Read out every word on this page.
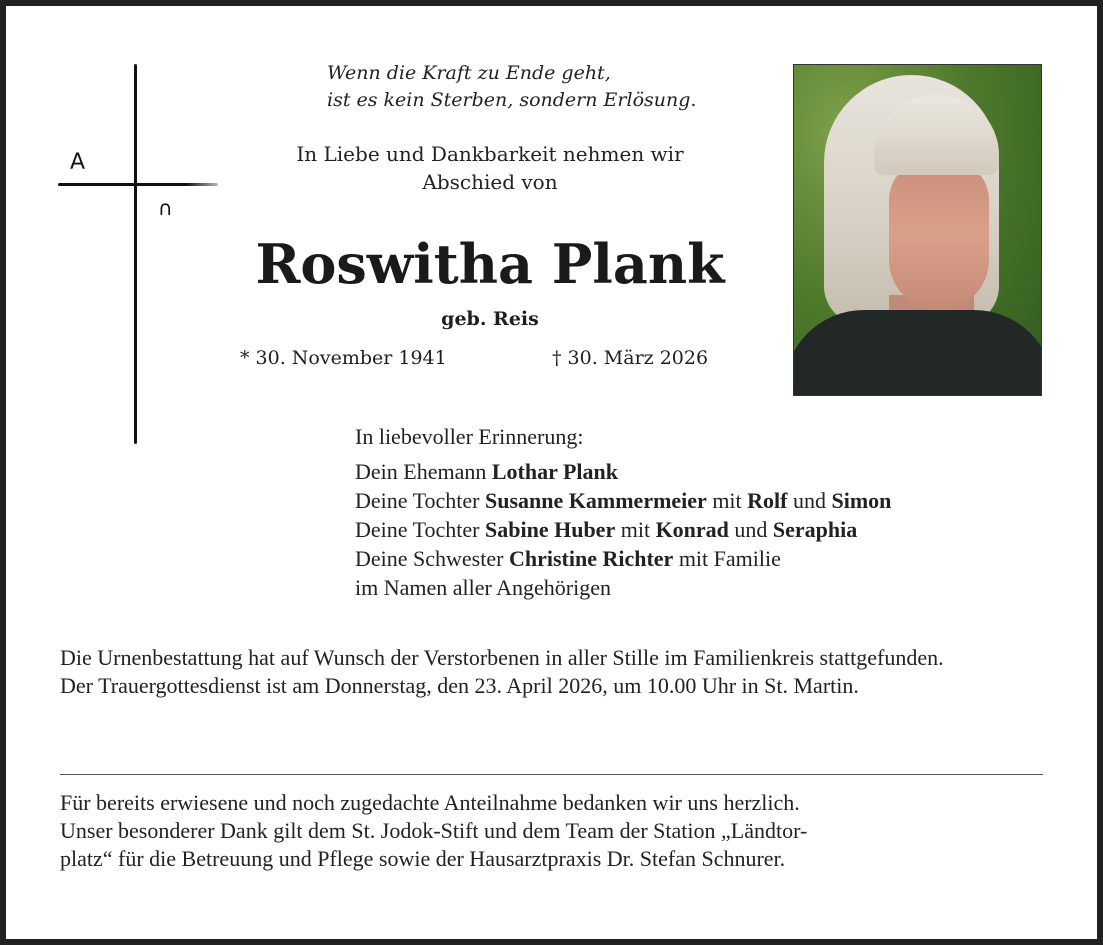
Α
∩
Wenn die Kraft zu Ende geht,
ist es kein Sterben, sondern Erlösung.
In Liebe und Dankbarkeit nehmen wir
Abschied von
Roswitha Plank
geb. Reis
* 30. November 1941	† 30. März 2026
In liebevoller Erinnerung:
Dein Ehemann Lothar Plank
Deine Tochter Susanne Kammermeier mit Rolf und Simon
Deine Tochter Sabine Huber mit Konrad und Seraphia
Deine Schwester Christine Richter mit Familie
im Namen aller Angehörigen

Die Urnenbestattung hat auf Wunsch der Verstorbenen in aller Stille im Familienkreis stattgefunden.

Der Trauergottesdienst ist am Donnerstag, den 23. April 2026, um 10.00 Uhr in St. Martin.

Für bereits erwiesene und noch zugedachte Anteilnahme bedanken wir uns herzlich.
Unser besonderer Dank gilt dem St. Jodok-Stift und dem Team der Station „Ländtor-
platz“ für die Betreuung und Pflege sowie der Hausarztpraxis Dr. Stefan Schnurer.
